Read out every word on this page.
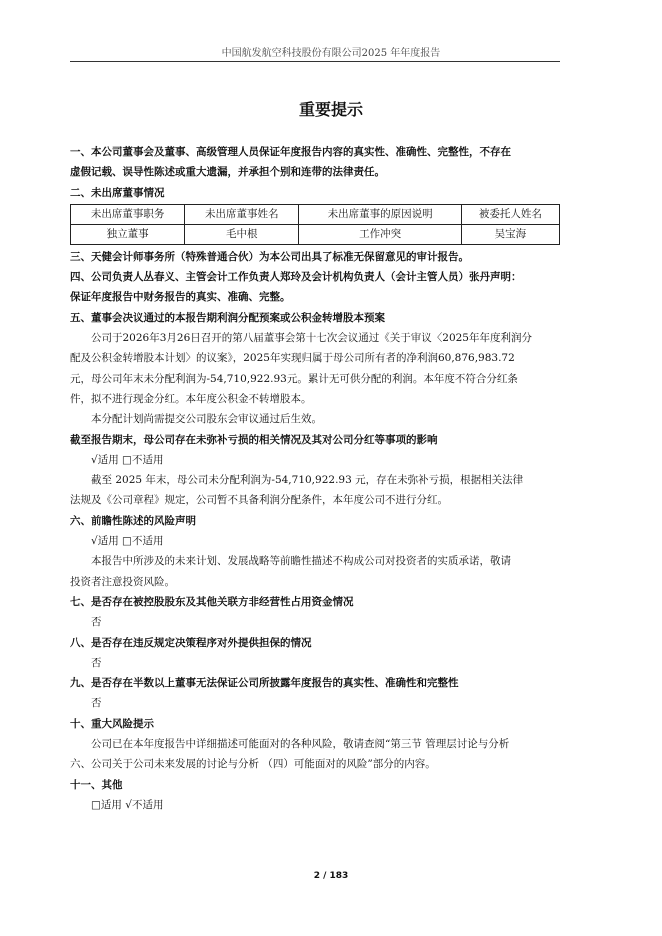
中国航发航空科技股份有限公司2025 年年度报告
重要提示
一、本公司董事会及董事、高级管理人员保证年度报告内容的真实性、准确性、完整性，不存在
虚假记载、误导性陈述或重大遗漏，并承担个别和连带的法律责任。
二、未出席董事情况
未出席董事职务	未出席董事姓名	未出席董事的原因说明	被委托人姓名
独立董事	毛中根	工作冲突	吴宝海
三、天健会计师事务所（特殊普通合伙）为本公司出具了标准无保留意见的审计报告。
四、公司负责人丛春义、主管会计工作负责人郑玲及会计机构负责人（会计主管人员）张丹声明：
保证年度报告中财务报告的真实、准确、完整。
五、董事会决议通过的本报告期利润分配预案或公积金转增股本预案
公司于2026年3月26日召开的第八届董事会第十七次会议通过《关于审议〈2025年年度利润分
配及公积金转增股本计划〉的议案》，2025年实现归属于母公司所有者的净利润60,876,983.72
元，母公司年末未分配利润为-54,710,922.93元。累计无可供分配的利润。本年度不符合分红条
件，拟不进行现金分红。本年度公积金不转增股本。
本分配计划尚需提交公司股东会审议通过后生效。
截至报告期末，母公司存在未弥补亏损的相关情况及其对公司分红等事项的影响
√适用 □不适用
截至 2025 年末，母公司未分配利润为-54,710,922.93 元，存在未弥补亏损，根据相关法律
法规及《公司章程》规定，公司暂不具备利润分配条件，本年度公司不进行分红。
六、前瞻性陈述的风险声明
√适用 □不适用
本报告中所涉及的未来计划、发展战略等前瞻性描述不构成公司对投资者的实质承诺，敬请
投资者注意投资风险。
七、是否存在被控股股东及其他关联方非经营性占用资金情况
否
八、是否存在违反规定决策程序对外提供担保的情况
否
九、是否存在半数以上董事无法保证公司所披露年度报告的真实性、准确性和完整性
否
十、重大风险提示
公司已在本年度报告中详细描述可能面对的各种风险，敬请查阅“第三节 管理层讨论与分析
六、公司关于公司未来发展的讨论与分析 （四）可能面对的风险”部分的内容。
十一、其他
□适用 √不适用
2 / 183
